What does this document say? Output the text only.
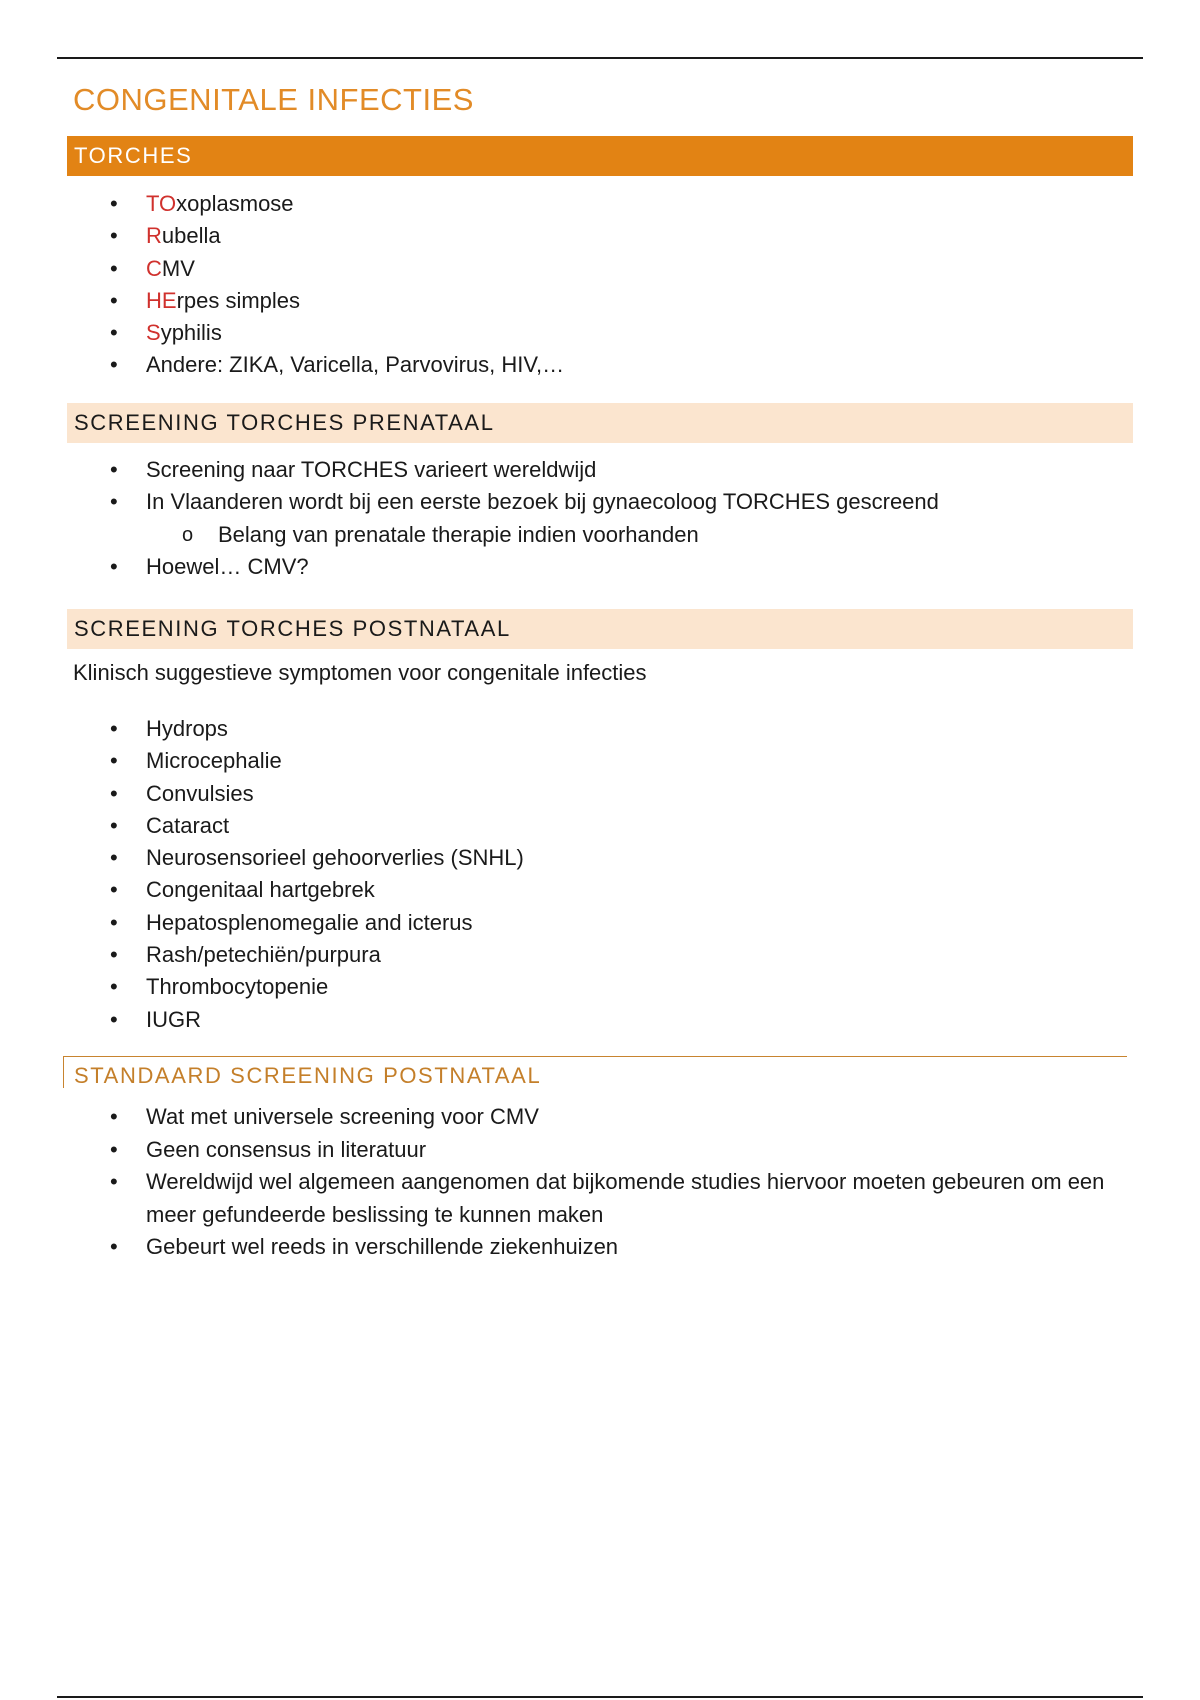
CONGENITALE INFECTIES
TORCHES
• TOxoplasmose
• Rubella
• CMV
• HErpes simples
• Syphilis
• Andere: ZIKA, Varicella, Parvovirus, HIV,…
SCREENING TORCHES PRENATAAL
• Screening naar TORCHES varieert wereldwijd
• In Vlaanderen wordt bij een eerste bezoek bij gynaecoloog TORCHES gescreend
o Belang van prenatale therapie indien voorhanden
• Hoewel… CMV?
SCREENING TORCHES POSTNATAAL

Klinisch suggestieve symptomen voor congenitale infecties

• Hydrops
• Microcephalie
• Convulsies
• Cataract
• Neurosensorieel gehoorverlies (SNHL)
• Congenitaal hartgebrek
• Hepatosplenomegalie and icterus
• Rash/petechiën/purpura
• Thrombocytopenie
• IUGR
STANDAARD SCREENING POSTNATAAL
• Wat met universele screening voor CMV
• Geen consensus in literatuur
• Wereldwijd wel algemeen aangenomen dat bijkomende studies hiervoor moeten gebeuren om een meer gefundeerde beslissing te kunnen maken
• Gebeurt wel reeds in verschillende ziekenhuizen
